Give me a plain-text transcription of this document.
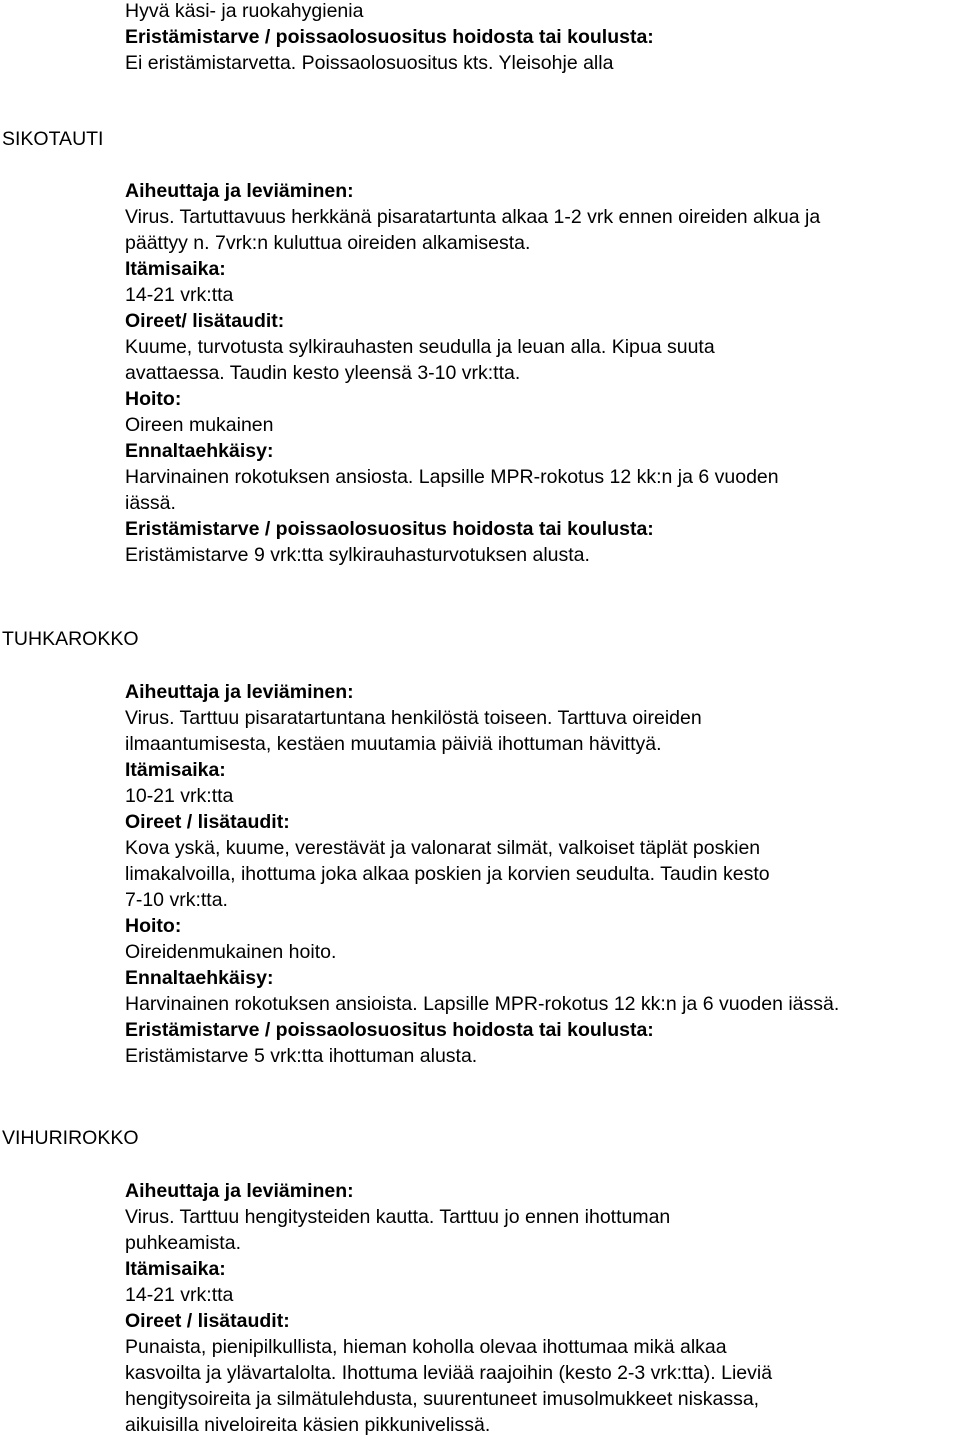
Hyvä käsi- ja ruokahygienia
Eristämistarve / poissaolosuositus hoidosta tai koulusta:
Ei eristämistarvetta. Poissaolosuositus kts. Yleisohje alla
SIKOTAUTI
Aiheuttaja ja leviäminen:
Virus. Tartuttavuus herkkänä pisaratartunta alkaa 1-2 vrk ennen oireiden alkua ja
päättyy n. 7vrk:n kuluttua oireiden alkamisesta.
Itämisaika:
14-21 vrk:tta
Oireet/ lisätaudit:
Kuume, turvotusta sylkirauhasten seudulla ja leuan alla. Kipua suuta
avattaessa. Taudin kesto yleensä 3-10 vrk:tta.
Hoito:
Oireen mukainen
Ennaltaehkäisy:
Harvinainen rokotuksen ansiosta. Lapsille MPR-rokotus 12 kk:n ja 6 vuoden
iässä.
Eristämistarve / poissaolosuositus hoidosta tai koulusta:
Eristämistarve 9 vrk:tta sylkirauhasturvotuksen alusta.
TUHKAROKKO
Aiheuttaja ja leviäminen:
Virus. Tarttuu pisaratartuntana henkilöstä toiseen. Tarttuva oireiden
ilmaantumisesta, kestäen muutamia päiviä ihottuman hävittyä.
Itämisaika:
10-21 vrk:tta
Oireet / lisätaudit:
Kova yskä, kuume, verestävät ja valonarat silmät, valkoiset täplät poskien
limakalvoilla, ihottuma joka alkaa poskien ja korvien seudulta. Taudin kesto
7-10 vrk:tta.
Hoito:
Oireidenmukainen hoito.
Ennaltaehkäisy:
Harvinainen rokotuksen ansioista. Lapsille MPR-rokotus 12 kk:n ja 6 vuoden iässä.
Eristämistarve / poissaolosuositus hoidosta tai koulusta:
Eristämistarve 5 vrk:tta ihottuman alusta.
VIHURIROKKO
Aiheuttaja ja leviäminen:
Virus. Tarttuu hengitysteiden kautta. Tarttuu jo ennen ihottuman
puhkeamista.
Itämisaika:
14-21 vrk:tta
Oireet / lisätaudit:
Punaista, pienipilkullista, hieman koholla olevaa ihottumaa mikä alkaa
kasvoilta ja ylävartalolta. Ihottuma leviää raajoihin (kesto 2-3 vrk:tta). Lieviä
hengitysoireita ja silmätulehdusta, suurentuneet imusolmukkeet niskassa,
aikuisilla niveloireita käsien pikkunivelissä.
